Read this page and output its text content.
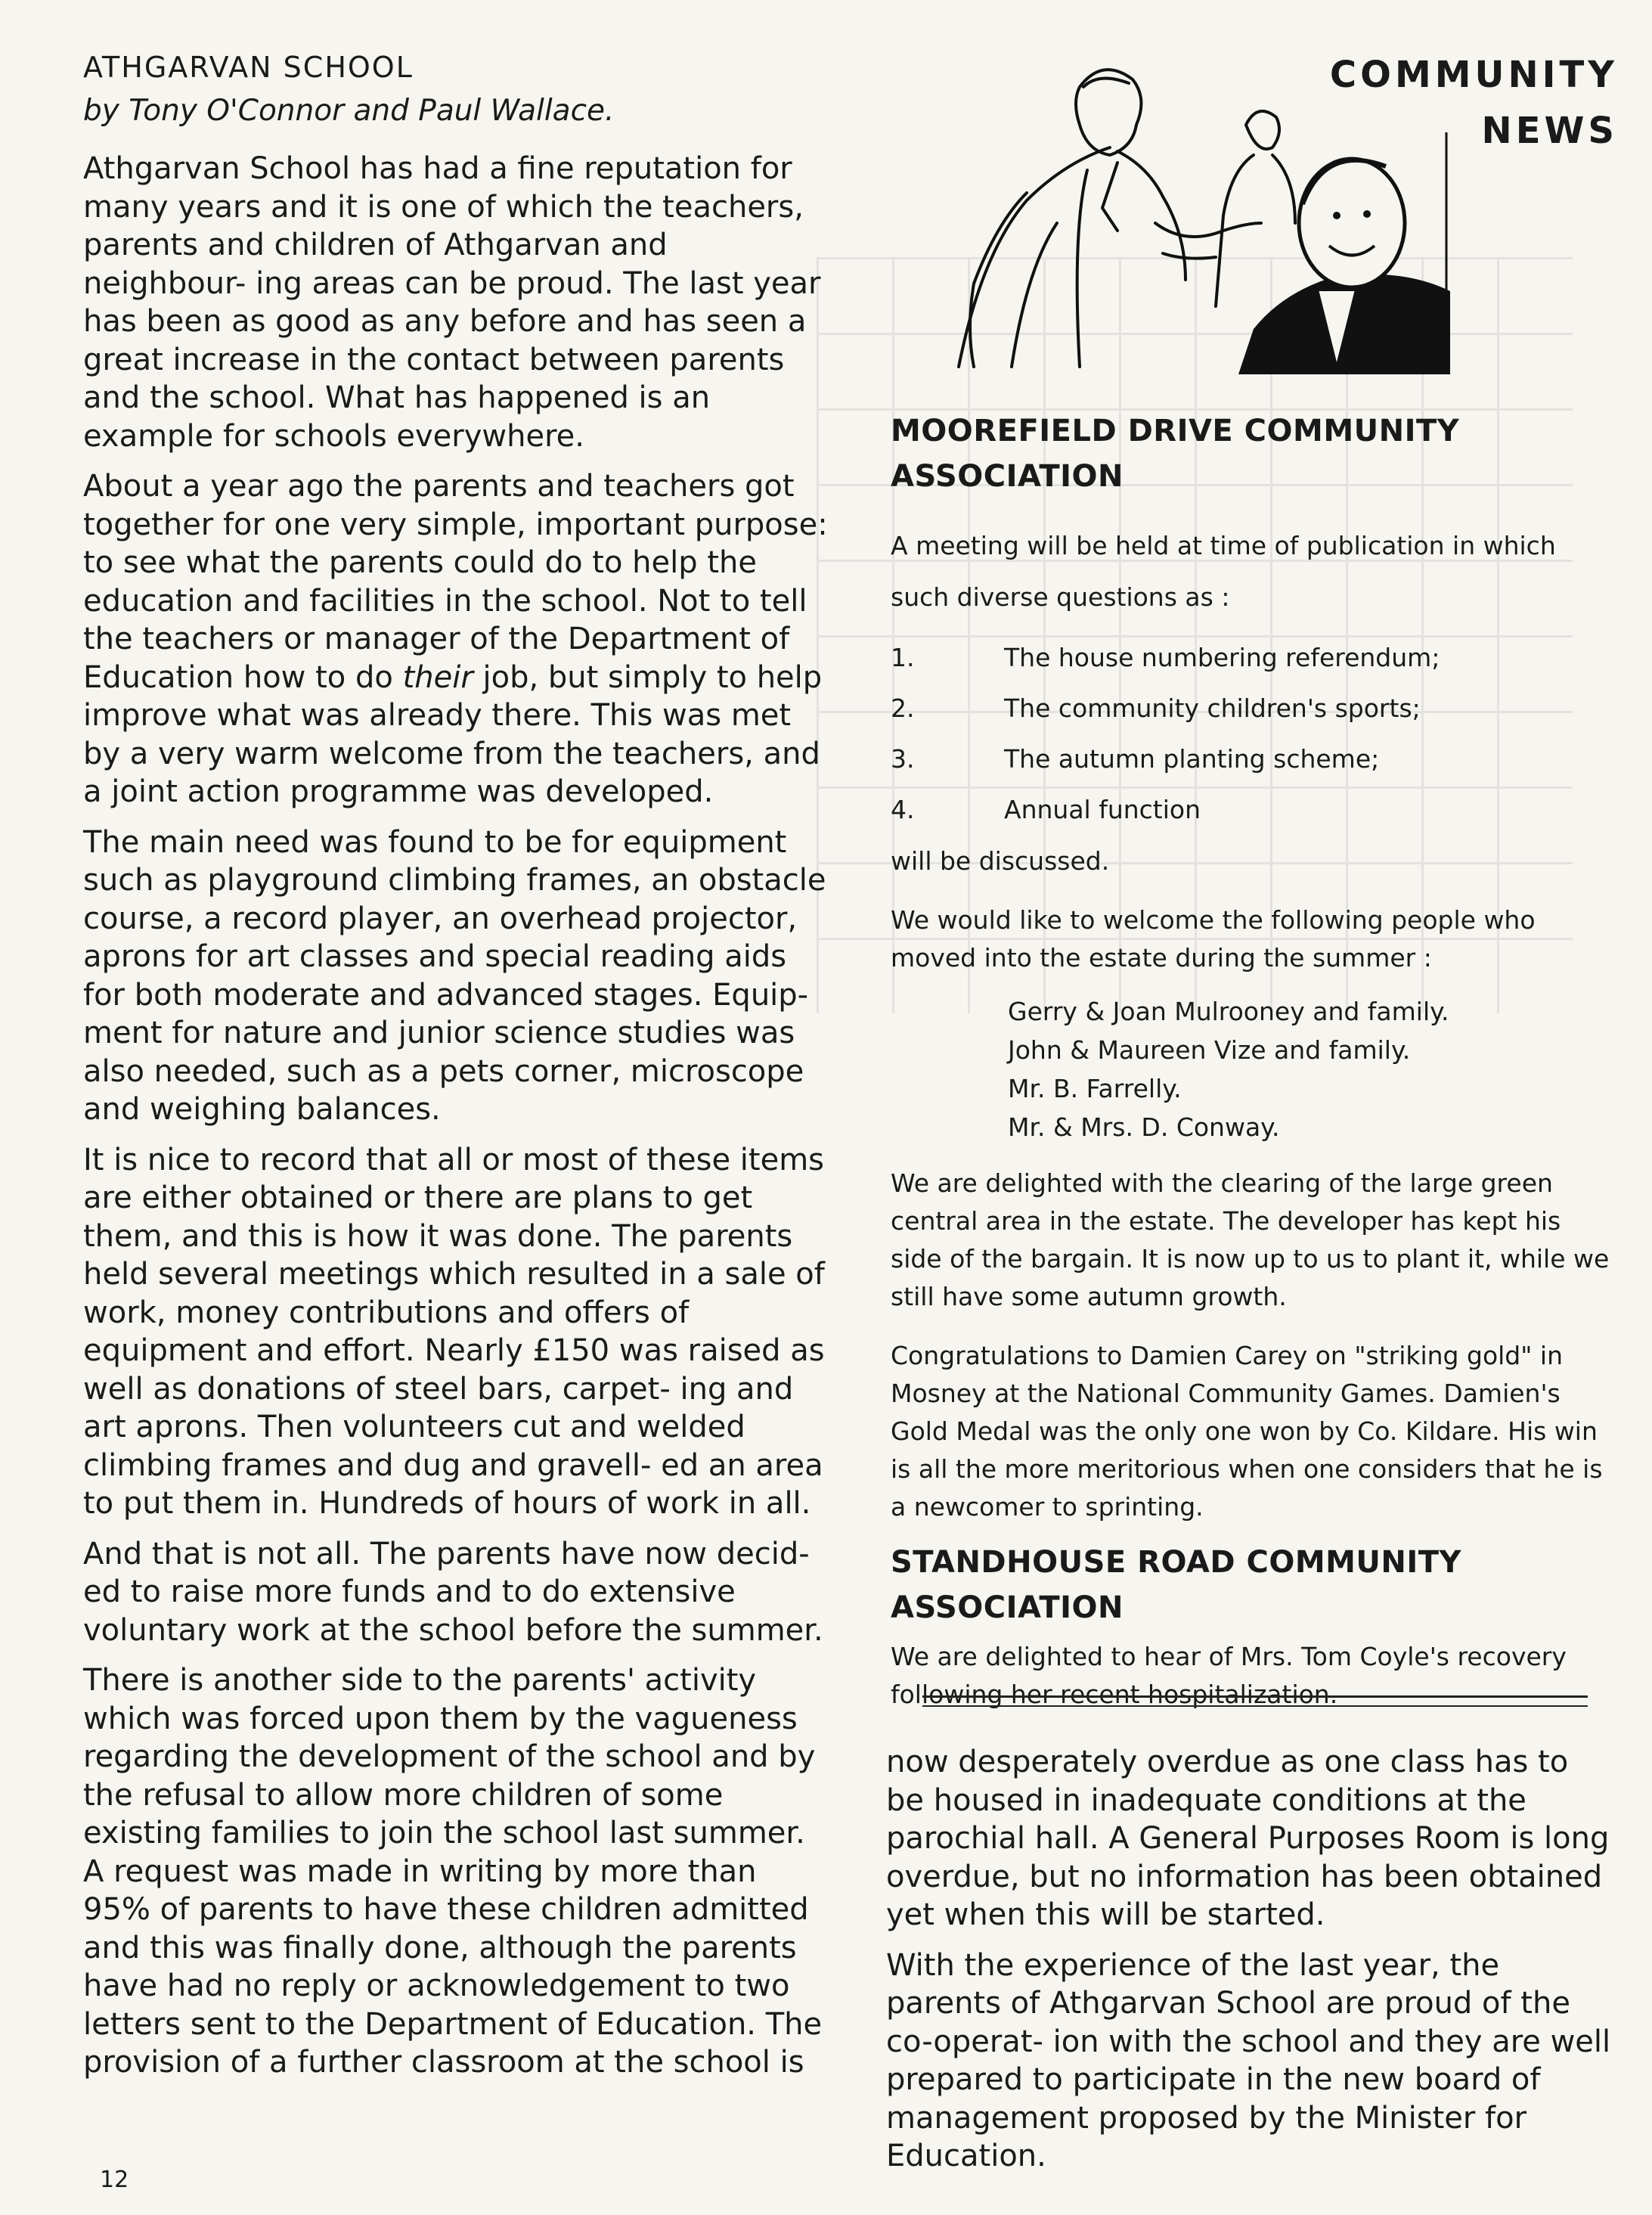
ATHGARVAN SCHOOL
by Tony O'Connor and Paul Wallace.

Athgarvan School has had a fine reputation for many years and it is one of which the teachers, parents and children of Athgarvan and neighbour- ing areas can be proud. The last year has been as good as any before and has seen a great increase in the contact between parents and the school. What has happened is an example for schools everywhere.

About a year ago the parents and teachers got together for one very simple, important purpose: to see what the parents could do to help the education and facilities in the school. Not to tell the teachers or manager of the Department of Education how to do their job, but simply to help improve what was already there. This was met by a very warm welcome from the teachers, and a joint action programme was developed.

The main need was found to be for equipment such as playground climbing frames, an obstacle course, a record player, an overhead projector, aprons for art classes and special reading aids for both moderate and advanced stages. Equip- ment for nature and junior science studies was also needed, such as a pets corner, microscope and weighing balances.

It is nice to record that all or most of these items are either obtained or there are plans to get them, and this is how it was done. The parents held several meetings which resulted in a sale of work, money contributions and offers of equipment and effort. Nearly £150 was raised as well as donations of steel bars, carpet- ing and art aprons. Then volunteers cut and welded climbing frames and dug and gravell- ed an area to put them in. Hundreds of hours of work in all.

And that is not all. The parents have now decid- ed to raise more funds and to do extensive voluntary work at the school before the summer.

There is another side to the parents' activity which was forced upon them by the vagueness regarding the development of the school and by the refusal to allow more children of some existing families to join the school last summer. A request was made in writing by more than 95% of parents to have these children admitted and this was finally done, although the parents have had no reply or acknowledgement to two letters sent to the Department of Education. The provision of a further classroom at the school is

COMMUNITY
NEWS
MOOREFIELD DRIVE COMMUNITY ASSOCIATION

A meeting will be held at time of publication in which such diverse questions as :

1.	The house numbering referendum;
2.	The community children's sports;
3.	The autumn planting scheme;
4.	Annual function

will be discussed.

We would like to welcome the following people who moved into the estate during the summer :

Gerry & Joan Mulrooney and family.
John & Maureen Vize and family.
Mr. B. Farrelly.
Mr. & Mrs. D. Conway.

We are delighted with the clearing of the large green central area in the estate. The developer has kept his side of the bargain. It is now up to us to plant it, while we still have some autumn growth.

Congratulations to Damien Carey on "striking gold" in Mosney at the National Community Games. Damien's Gold Medal was the only one won by Co. Kildare. His win is all the more meritorious when one considers that he is a newcomer to sprinting.

STANDHOUSE ROAD COMMUNITY ASSOCIATION

We are delighted to hear of Mrs. Tom Coyle's recovery following her recent hospitalization.

now desperately overdue as one class has to be housed in inadequate conditions at the parochial hall. A General Purposes Room is long overdue, but no information has been obtained yet when this will be started.

With the experience of the last year, the parents of Athgarvan School are proud of the co-operat- ion with the school and they are well prepared to participate in the new board of management proposed by the Minister for Education.

12
